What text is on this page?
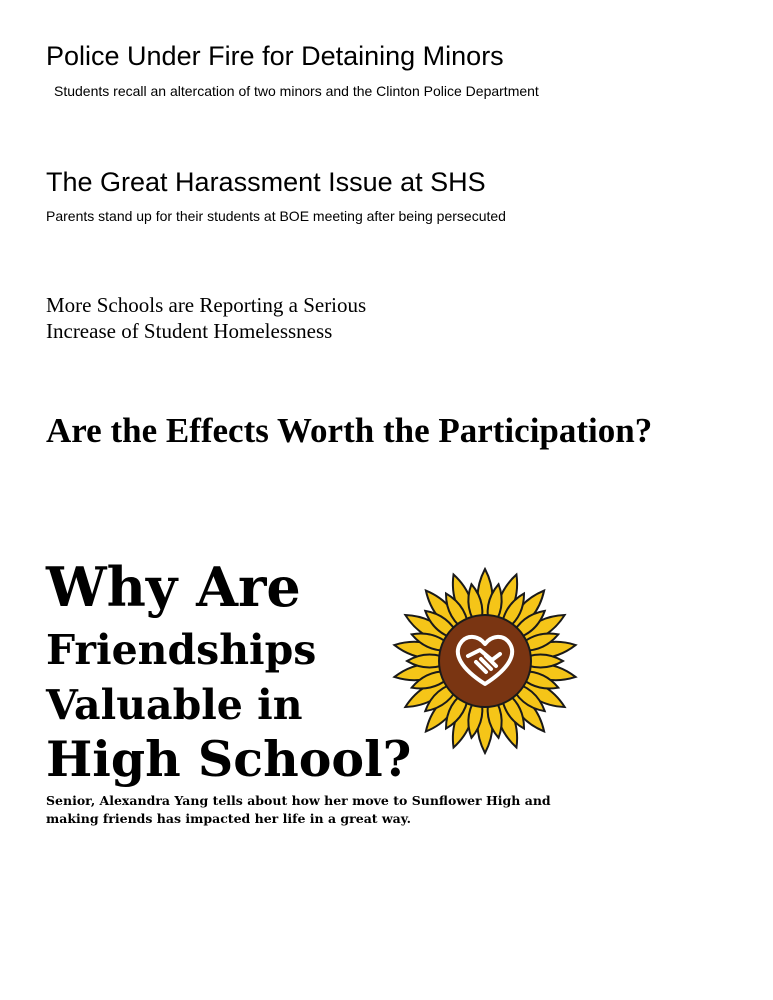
Police Under Fire for Detaining Minors
Students recall an altercation of two minors and the Clinton Police Department
The Great Harassment Issue at SHS
Parents stand up for their students at BOE meeting after being persecuted
More Schools are Reporting a Serious
Increase of Student Homelessness
Are the Effects Worth the Participation?
Why Are
Friendships
Valuable in
High School?
Senior, Alexandra Yang tells about how her move to Sunflower High and making friends has impacted her life in a great way.
